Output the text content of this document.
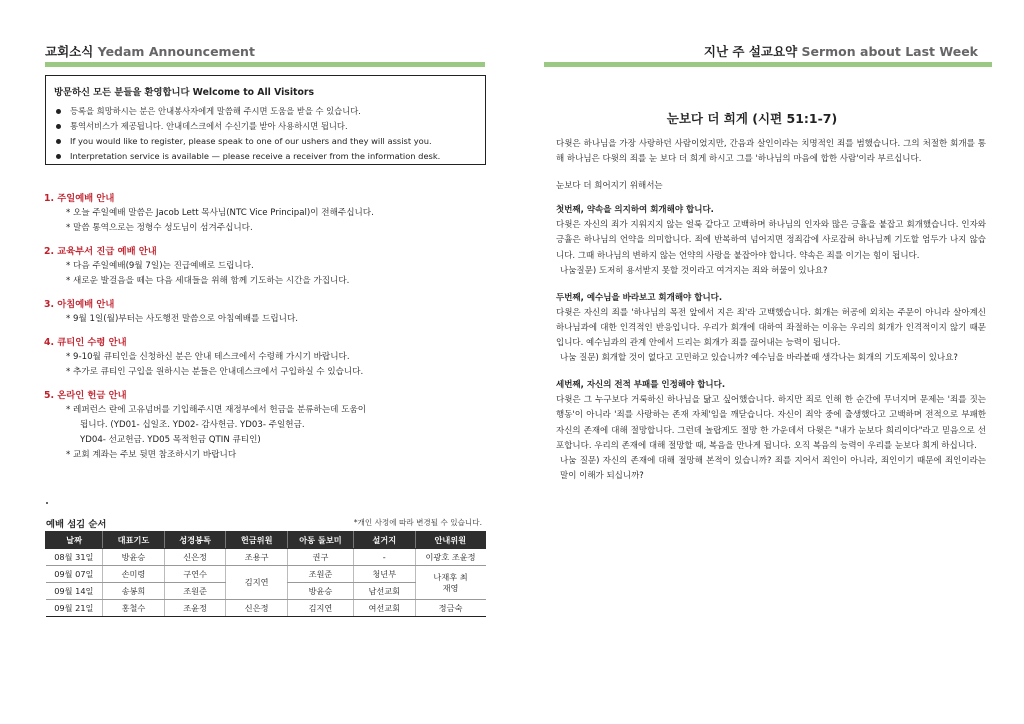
교회소식 Yedam Announcement
방문하신 모든 분들을 환영합니다 Welcome to All Visitors
등록을 희망하시는 분은 안내봉사자에게 말씀해 주시면 도움을 받을 수 있습니다.
통역서비스가 제공됩니다. 안내데스크에서 수신기를 받아 사용하시면 됩니다.
If you would like to register, please speak to one of our ushers and they will assist you.
Interpretation service is available — please receive a receiver from the information desk.
1. 주일예배 안내
* 오늘 주일예배 말씀은 Jacob Lett 목사님(NTC Vice Principal)이 전해주십니다.
* 말씀 통역으로는 정형수 성도님이 섬겨주십니다.
2. 교육부서 진급 예배 안내
* 다음 주일예배(9월 7일)는 진급예배로 드립니다.
* 새로운 발걸음을 떼는 다음 세대들을 위해 함께 기도하는 시간을 가집니다.
3. 아침예배 안내
* 9월 1일(월)부터는 사도행전 말씀으로 아침예배를 드립니다.
4. 큐티인 수령 안내
* 9-10월 큐티인을 신청하신 분은 안내 테스크에서 수령해 가시기 바랍니다.
* 추가로 큐티인 구입을 원하시는 분들은 안내데스크에서 구입하실 수 있습니다.
5. 온라인 헌금 안내
* 레퍼런스 란에 고유넘버를 기입해주시면 재정부에서 헌금을 분류하는데 도움이
됩니다. (YD01- 십일조. YD02- 감사헌금. YD03- 주일헌금.
YD04- 선교헌금. YD05 목적헌금 QTIN 큐티인)
* 교회 계좌는 주보 뒷면 참조하시기 바랍니다
예배 섬김 순서	*개인 사정에 따라 변경될 수 있습니다.
날짜	대표기도	성경봉독	헌금위원	아동 돌보미	설거지	안내위원
08월 31일	방윤승	신은정	조용구	권구	-	이광호 조윤정
09월 07일	손미령	구연수	김지연	조원준	청년부	나재후 최재영
09월 14일	송봉희	조원준		방윤승	남선교회	
09월 21일	홍철수	조윤정	신은정	김지연	여선교회	정금숙
지난 주 설교요약 Sermon about Last Week
눈보다 더 희게 (시편 51:1-7)

다윗은 하나님을 가장 사랑하던 사람이었지만, 간음과 살인이라는 치명적인 죄를 범했습니다. 그의 처절한 회개를 통해 하나님은 다윗의 죄를 눈 보다 더 희게 하시고 그를 '하나님의 마음에 합한 사람'이라 부르십니다.

눈보다 더 희어지기 위해서는

첫번째, 약속을 의지하여 회개해야 합니다.

다윗은 자신의 죄가 지워지지 않는 얼룩 같다고 고백하며 하나님의 인자와 많은 긍휼을 붙잡고 회개했습니다. 인자와 긍휼은 하나님의 언약을 의미합니다. 죄에 반복하여 넘어지면 정죄감에 사로잡혀 하나님께 기도할 엄두가 나지 않습니다. 그때 하나님의 변하지 않는 언약의 사랑을 붙잡아야 합니다. 약속은 죄를 이기는 힘이 됩니다.

나눔질문) 도저히 용서받지 못할 것이라고 여겨지는 죄와 허물이 있나요?

두번째, 예수님을 바라보고 회개해야 합니다.

다윗은 자신의 죄를 '하나님의 목전 앞에서 지은 죄'라 고백했습니다. 회개는 허공에 외치는 주문이 아니라 살아계신 하나님과에 대한 인격적인 반응입니다. 우리가 회개에 대하여 좌절하는 이유는 우리의 회개가 인격적이지 않기 때문입니다. 예수님과의 관계 안에서 드리는 회개가 죄를 끊어내는 능력이 됩니다.

나눔 질문) 회개할 것이 없다고 고민하고 있습니까? 예수님을 바라볼때 생각나는 회개의 기도제목이 있나요?

세번째, 자신의 전적 부패를 인정해야 합니다.

다윗은 그 누구보다 거룩하신 하나님을 닮고 싶어했습니다. 하지만 죄로 인해 한 순간에 무너지며 문제는 '죄를 짓는 행동'이 아니라 '죄를 사랑하는 존재 자체'임을 깨닫습니다. 자신이 죄악 중에 출생했다고 고백하며 전적으로 부패한 자신의 존재에 대해 절망합니다. 그런데 놀랍게도 절망 한 가운데서 다윗은 "내가 눈보다 희리이다"라고 믿음으로 선포합니다. 우리의 존재에 대해 절망할 때, 복음을 만나게 됩니다. 오직 복음의 능력이 우리를 눈보다 희게 하십니다.

나눔 질문) 자신의 존재에 대해 절망해 본적이 있습니까? 죄를 지어서 죄인이 아니라, 죄인이기 때문에 죄인이라는 말이 이해가 되십니까?
